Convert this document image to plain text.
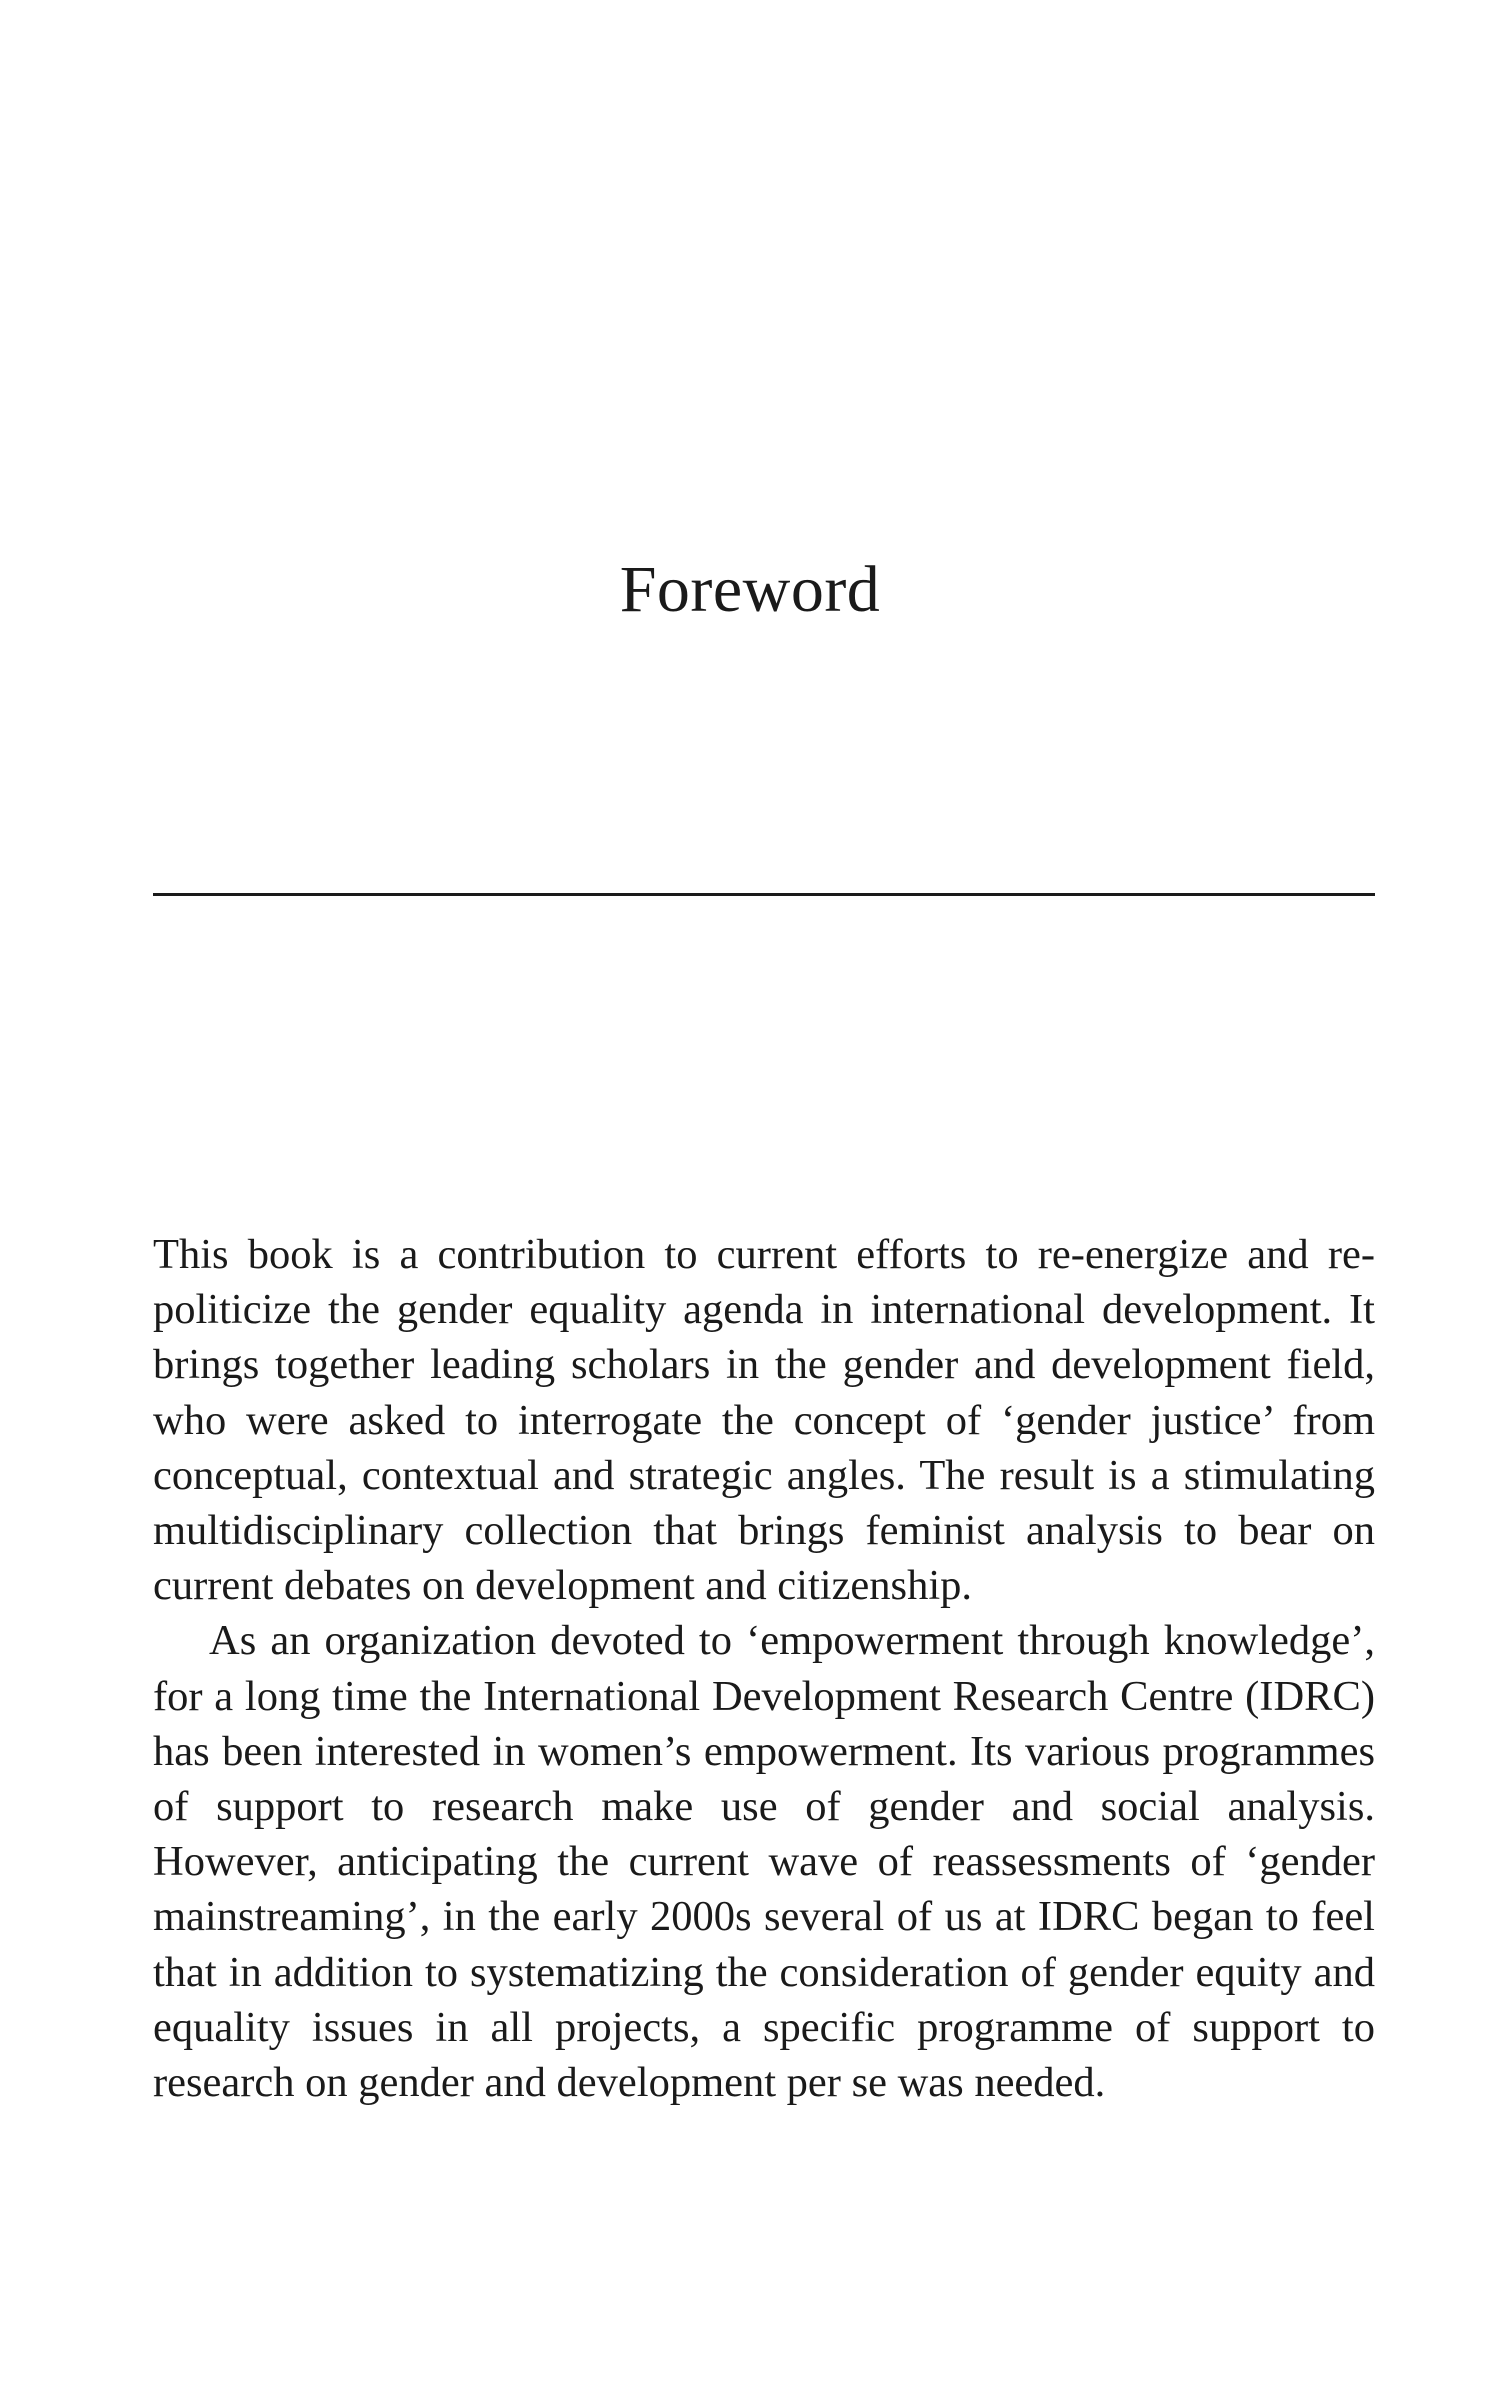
Foreword

This book is a contribution to current efforts to re-energize and re-politicize the gender equality agenda in international development. It brings together leading scholars in the gender and development field, who were asked to interrogate the concept of ‘gender justice’ from conceptual, contextual and strategic angles. The result is a stimulating multidisciplinary collection that brings feminist analysis to bear on current debates on development and citizenship.

As an organization devoted to ‘empowerment through knowledge’, for a long time the International Development Research Centre (IDRC) has been interested in women’s empowerment. Its various programmes of support to research make use of gender and social analysis. However, anticipating the current wave of reassessments of ‘gender mainstreaming’, in the early 2000s several of us at IDRC began to feel that in addition to systematizing the consideration of gender equity and equality issues in all projects, a specific programme of support to research on gender and development per se was needed.
